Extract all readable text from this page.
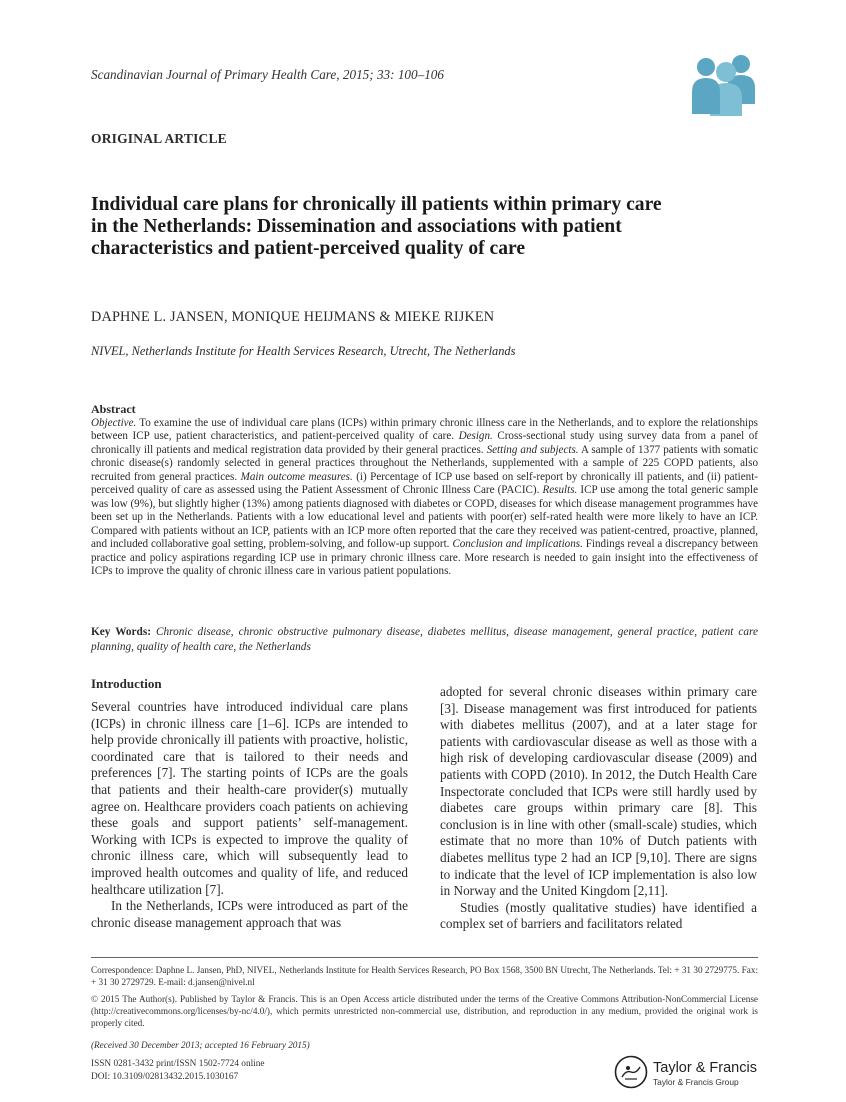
Scandinavian Journal of Primary Health Care, 2015; 33: 100–106
ORIGINAL ARTICLE
Individual care plans for chronically ill patients within primary care
in the Netherlands: Dissemination and associations with patient
characteristics and patient-perceived quality of care
DAPHNE L. JANSEN, MONIQUE HEIJMANS & MIEKE RIJKEN
NIVEL, Netherlands Institute for Health Services Research, Utrecht, The Netherlands
Abstract
Objective. To examine the use of individual care plans (ICPs) within primary chronic illness care in the Netherlands, and to explore the relationships between ICP use, patient characteristics, and patient-perceived quality of care. Design. Cross-sectional study using survey data from a panel of chronically ill patients and medical registration data provided by their general practices. Setting and subjects. A sample of 1377 patients with somatic chronic disease(s) randomly selected in general practices throughout the Netherlands, supplemented with a sample of 225 COPD patients, also recruited from general practices. Main outcome measures. (i) Percentage of ICP use based on self-report by chronically ill patients, and (ii) patient-perceived quality of care as assessed using the Patient Assessment of Chronic Illness Care (PACIC). Results. ICP use among the total generic sample was low (9%), but slightly higher (13%) among patients diagnosed with diabetes or COPD, diseases for which disease management programmes have been set up in the Netherlands. Patients with a low educational level and patients with poor(er) self-rated health were more likely to have an ICP. Compared with patients without an ICP, patients with an ICP more often reported that the care they received was patient-centred, proactive, planned, and included collaborative goal setting, problem-solving, and follow-up support. Conclusion and implications. Findings reveal a discrepancy between practice and policy aspirations regarding ICP use in primary chronic illness care. More research is needed to gain insight into the effectiveness of ICPs to improve the quality of chronic illness care in various patient populations.
Key Words: Chronic disease, chronic obstructive pulmonary disease, diabetes mellitus, disease management, general practice, patient care planning, quality of health care, the Netherlands
Introduction

Several countries have introduced individual care plans (ICPs) in chronic illness care [1–6]. ICPs are intended to help provide chronically ill patients with proactive, holistic, coordinated care that is tailored to their needs and preferences [7]. The starting points of ICPs are the goals that patients and their health-care provider(s) mutually agree on. Healthcare providers coach patients on achieving these goals and support patients’ self-management. Working with ICPs is expected to improve the quality of chronic illness care, which will subsequently lead to improved health outcomes and quality of life, and reduced healthcare utilization [7].

In the Netherlands, ICPs were introduced as part of the chronic disease management approach that was

adopted for several chronic diseases within primary care [3]. Disease management was first introduced for patients with diabetes mellitus (2007), and at a later stage for patients with cardiovascular disease as well as those with a high risk of developing cardiovascular disease (2009) and patients with COPD (2010). In 2012, the Dutch Health Care Inspectorate concluded that ICPs were still hardly used by diabetes care groups within primary care [8]. This conclusion is in line with other (small-scale) studies, which estimate that no more than 10% of Dutch patients with diabetes mellitus type 2 had an ICP [9,10]. There are signs to indicate that the level of ICP implementation is also low in Norway and the United Kingdom [2,11].

Studies (mostly qualitative studies) have identified a complex set of barriers and facilitators related

Correspondence: Daphne L. Jansen, PhD, NIVEL, Netherlands Institute for Health Services Research, PO Box 1568, 3500 BN Utrecht, The Netherlands. Tel: + 31 30 2729775. Fax: + 31 30 2729729. E-mail: d.jansen@nivel.nl
© 2015 The Author(s). Published by Taylor & Francis. This is an Open Access article distributed under the terms of the Creative Commons Attribution-NonCommercial License (http://creativecommons.org/licenses/by-nc/4.0/), which permits unrestricted non-commercial use, distribution, and reproduction in any medium, provided the original work is properly cited.
(Received 30 December 2013; accepted 16 February 2015)
ISSN 0281-3432 print/ISSN 1502-7724 online
DOI: 10.3109/02813432.2015.1030167
Taylor & Francis
Taylor & Francis Group
